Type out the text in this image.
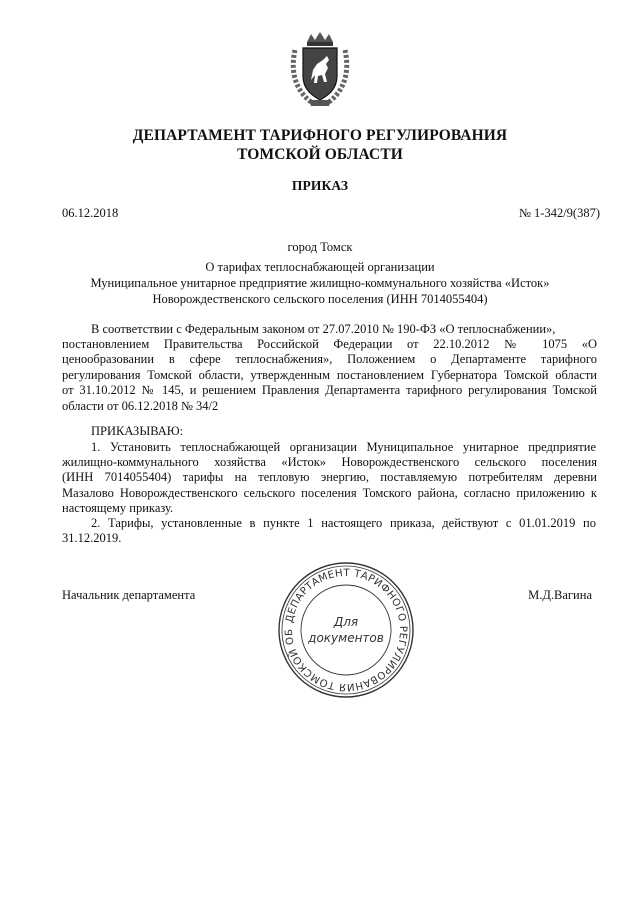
ДЕПАРТАМЕНТ ТАРИФНОГО РЕГУЛИРОВАНИЯ
ТОМСКОЙ ОБЛАСТИ
ПРИКАЗ
06.12.2018	№ 1-342/9(387)
город Томск
О тарифах теплоснабжающей организации
Муниципальное унитарное предприятие жилищно-коммунального хозяйства «Исток»
Новорождественского сельского поселения (ИНН 7014055404)
В соответствии с Федеральным законом от 27.07.2010 № 190-ФЗ «О теплоснабжении»,
постановлением Правительства Российской Федерации от 22.10.2012 № 1075 «О
ценообразовании в сфере теплоснабжения», Положением о Департаменте тарифного
регулирования Томской области, утвержденным постановлением Губернатора Томской области
от 31.10.2012 № 145, и решением Правления Департамента тарифного регулирования Томской
области от 06.12.2018 № 34/2
ПРИКАЗЫВАЮ:
1. Установить теплоснабжающей организации Муниципальное унитарное предприятие
жилищно-коммунального хозяйства «Исток» Новорождественского сельского поселения
(ИНН 7014055404) тарифы на тепловую энергию, поставляемую потребителям деревни
Мазалово Новорождественского сельского поселения Томского района, согласно приложению к
настоящему приказу.
2. Тарифы, установленные в пункте 1 настоящего приказа, действуют с 01.01.2019 по
31.12.2019.
Начальник департамента	М.Д.Вагина
ДЕПАРТАМЕНТ ТАРИФНОГО РЕГУЛИРОВАНИЯ ТОМСКОЙ ОБ
Для
документов
